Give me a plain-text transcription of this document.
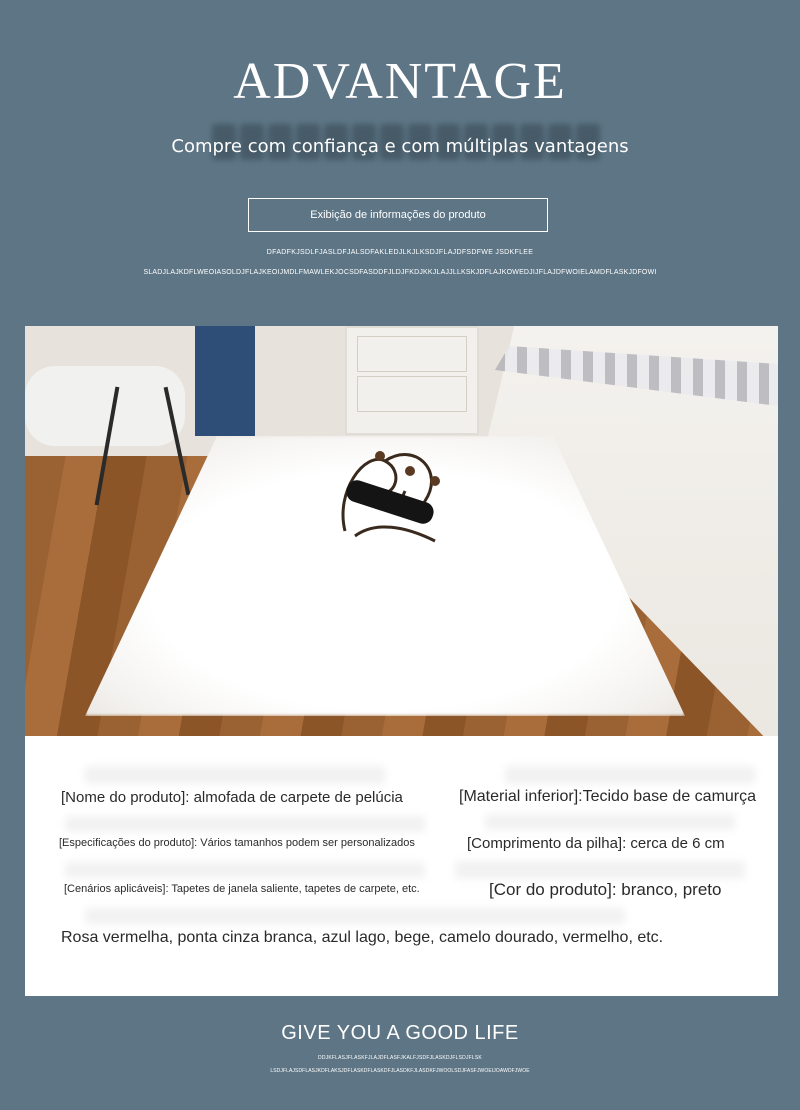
ADVANTAGE
Compre com confiança e com múltiplas vantagens
Exibição de informações do produto
DFADFKJSDLFJASLDFJALSDFAKLEDJLKJLKSDJFLAJDFSDFWE JSDKFLEE
SLADJLAJKDFLWEOIASOLDJFLAJKEOIJMDLFMAWLEKJOCSDFASDDFJLDJFKDJKKJLAJJLLKSKJDFLAJKOWEDJIJFLAJDFWOIELAMDFLASKJDFOWI
[Nome do produto]: almofada de carpete de pelúcia	[Material inferior]:Tecido base de camurça
[Especificações do produto]: Vários tamanhos podem ser personalizados	[Comprimento da pilha]: cerca de 6 cm
[Cenários aplicáveis]: Tapetes de janela saliente, tapetes de carpete, etc.	[Cor do produto]: branco, preto
Rosa vermelha, ponta cinza branca, azul lago, bege, camelo dourado, vermelho, etc.
GIVE YOU A GOOD LIFE
DDJKFLASJFLASKFJLAJDFLASFJKALFJSDFJLASKDJFLSDJFLSK
LSDJFLAJSDFLASJKDFLAKSJDFLASKDFLASKDFJLASDKFJLASDKFJWOOLSDJFASFJWOEIJOAWDFJWOE
